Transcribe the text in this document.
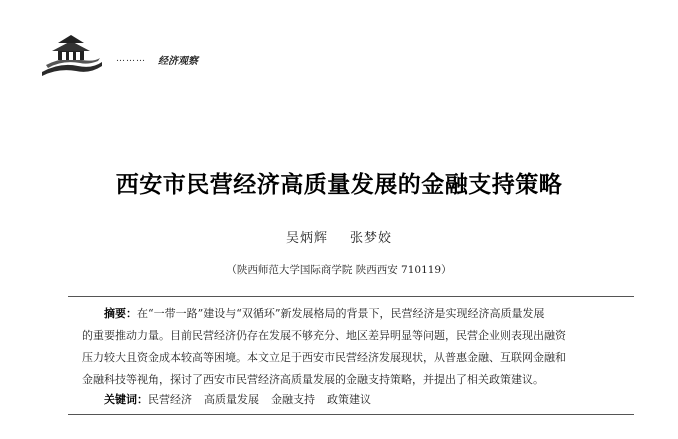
……… 经济观察
西安市民营经济高质量发展的金融支持策略
吴炳辉 张梦姣
（陕西师范大学国际商学院 陕西西安 710119）
摘要：在“一带一路”建设与“双循环”新发展格局的背景下，民营经济是实现经济高质量发展
的重要推动力量。目前民营经济仍存在发展不够充分、地区差异明显等问题，民营企业则表现出融资
压力较大且资金成本较高等困境。本文立足于西安市民营经济发展现状，从普惠金融、互联网金融和
金融科技等视角，探讨了西安市民营经济高质量发展的金融支持策略，并提出了相关政策建议。
关键词：民营经济 高质量发展 金融支持 政策建议
